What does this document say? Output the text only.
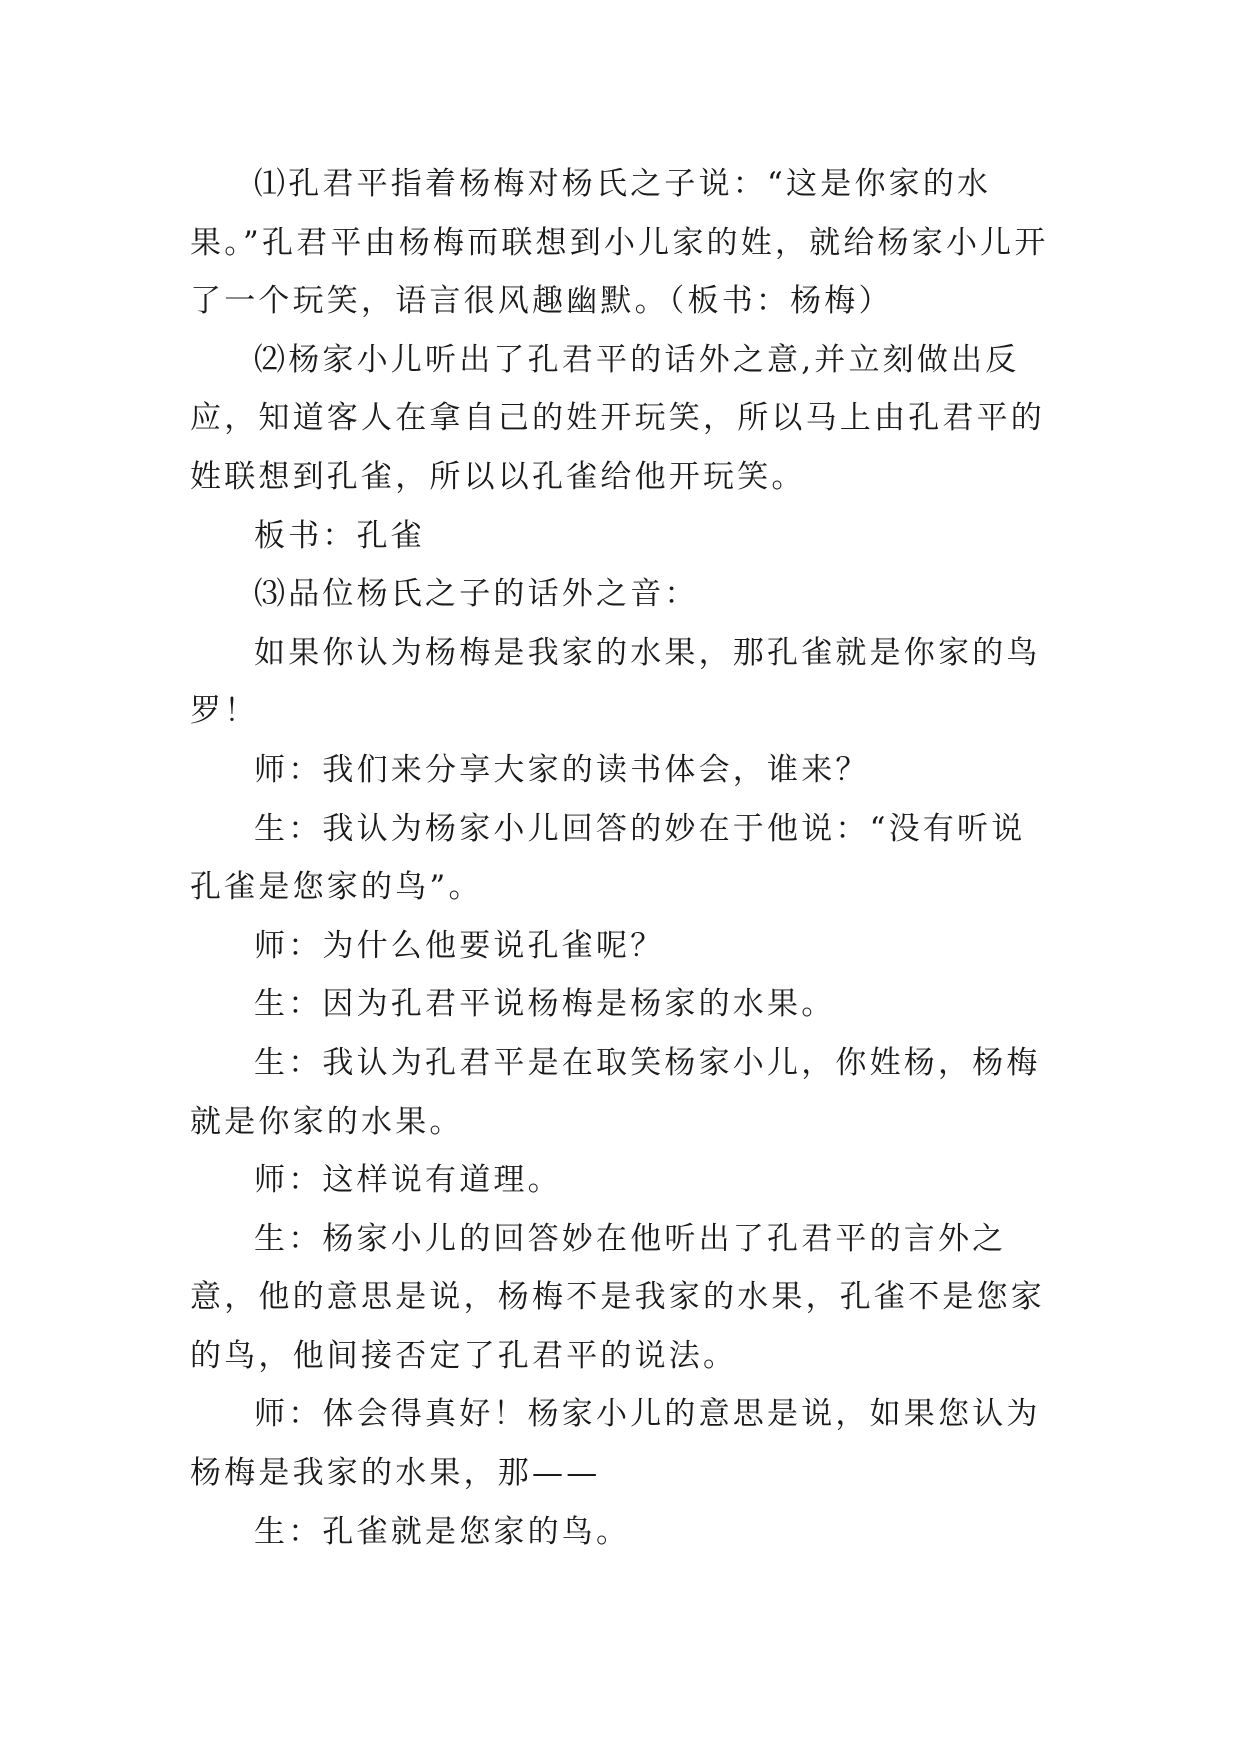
⑴孔君平指着杨梅对杨氏之子说：“这是你家的水果。”孔君平由杨梅而联想到小儿家的姓，就给杨家小儿开了一个玩笑，语言很风趣幽默。（板书：杨梅）

⑵杨家小儿听出了孔君平的话外之意,并立刻做出反应，知道客人在拿自己的姓开玩笑，所以马上由孔君平的姓联想到孔雀，所以以孔雀给他开玩笑。

板书：孔雀

⑶品位杨氏之子的话外之音：

如果你认为杨梅是我家的水果，那孔雀就是你家的鸟罗！

师：我们来分享大家的读书体会，谁来？

生：我认为杨家小儿回答的妙在于他说：“没有听说孔雀是您家的鸟”。

师：为什么他要说孔雀呢？

生：因为孔君平说杨梅是杨家的水果。

生：我认为孔君平是在取笑杨家小儿，你姓杨，杨梅就是你家的水果。

师：这样说有道理。

生：杨家小儿的回答妙在他听出了孔君平的言外之意，他的意思是说，杨梅不是我家的水果，孔雀不是您家的鸟，他间接否定了孔君平的说法。

师：体会得真好！杨家小儿的意思是说，如果您认为杨梅是我家的水果，那——

生：孔雀就是您家的鸟。
